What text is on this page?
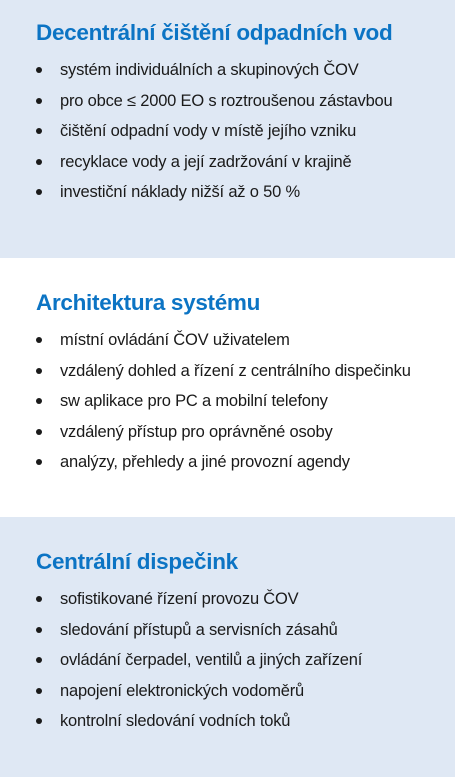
Decentrální čištění odpadních vod
systém individuálních a skupinových ČOV
pro obce ≤ 2000 EO s roztroušenou zástavbou
čištění odpadní vody v místě jejího vzniku
recyklace vody a její zadržování v krajině
investiční náklady nižší až o 50 %
Architektura systému
místní ovládání ČOV uživatelem
vzdálený dohled a řízení z centrálního dispečinku
sw aplikace pro PC a mobilní telefony
vzdálený přístup pro oprávněné osoby
analýzy, přehledy a jiné provozní agendy
Centrální dispečink
sofistikované řízení provozu ČOV
sledování přístupů a servisních zásahů
ovládání čerpadel, ventilů a jiných zařízení
napojení elektronických vodoměrů
kontrolní sledování vodních toků
